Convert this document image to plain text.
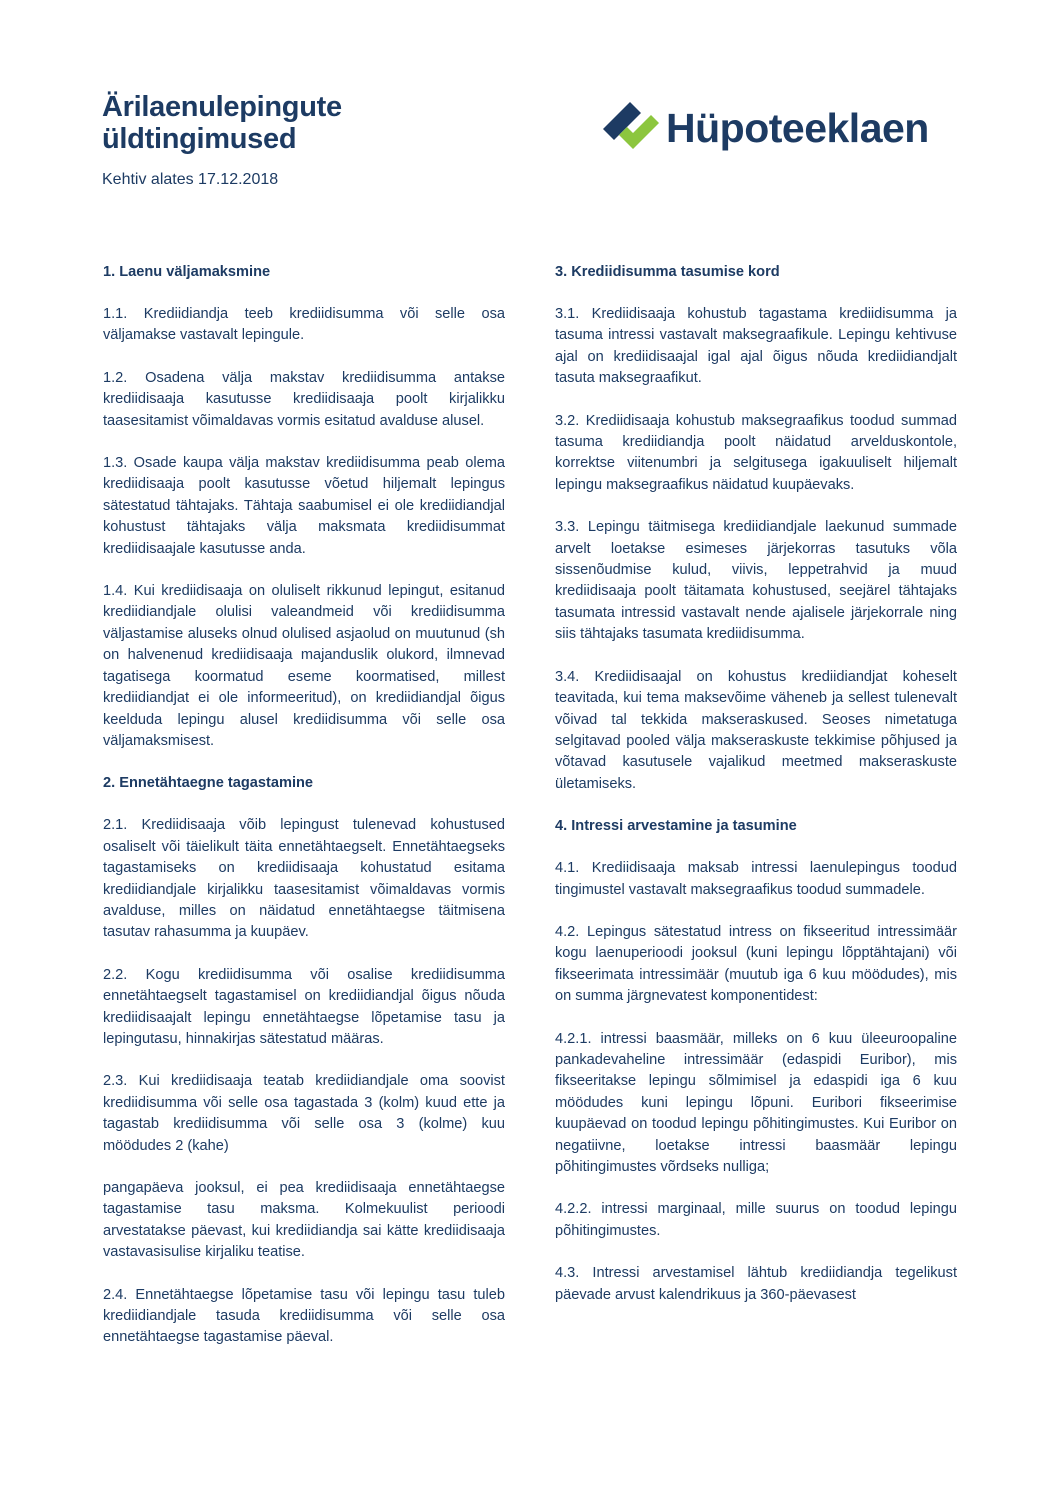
Ärilaenulepingute
üldtingimused

Kehtiv alates 17.12.2018

Hüpoteeklaen
1. Laenu väljamaksmine

1.1. Krediidiandja teeb krediidisumma või selle osa väljamakse vastavalt lepingule.

1.2. Osadena välja makstav krediidisumma antakse krediidisaaja kasutusse krediidisaaja poolt kirjalikku taasesitamist võimaldavas vormis esitatud avalduse alusel.

1.3. Osade kaupa välja makstav krediidisumma peab olema krediidisaaja poolt kasutusse võetud hiljemalt lepingus sätestatud tähtajaks. Tähtaja saabumisel ei ole krediidiandjal kohustust tähtajaks välja maksmata krediidisummat krediidisaajale kasutusse anda.

1.4. Kui krediidisaaja on oluliselt rikkunud lepingut, esitanud krediidiandjale olulisi valeandmeid või krediidisumma väljastamise aluseks olnud olulised asjaolud on muutunud (sh on halvenenud krediidisaaja majanduslik olukord, ilmnevad tagatisega koormatud eseme koormatised, millest krediidiandjat ei ole informeeritud), on krediidiandjal õigus keelduda lepingu alusel krediidisumma või selle osa väljamaksmisest.

2. Ennetähtaegne tagastamine

2.1. Krediidisaaja võib lepingust tulenevad kohustused osaliselt või täielikult täita ennetähtaegselt. Ennetähtaegseks tagastamiseks on krediidisaaja kohustatud esitama krediidiandjale kirjalikku taasesitamist võimaldavas vormis avalduse, milles on näidatud ennetähtaegse täitmisena tasutav rahasumma ja kuupäev.

2.2. Kogu krediidisumma või osalise krediidisumma ennetähtaegselt tagastamisel on krediidiandjal õigus nõuda krediidisaajalt lepingu ennetähtaegse lõpetamise tasu ja lepingutasu, hinnakirjas sätestatud määras.

2.3. Kui krediidisaaja teatab krediidiandjale oma soovist krediidisumma või selle osa tagastada 3 (kolm) kuud ette ja tagastab krediidisumma või selle osa 3 (kolme) kuu möödudes 2 (kahe)

pangapäeva jooksul, ei pea krediidisaaja ennetähtaegse tagastamise tasu maksma. Kolmekuulist perioodi arvestatakse päevast, kui krediidiandja sai kätte krediidisaaja vastavasisulise kirjaliku teatise.

2.4. Ennetähtaegse lõpetamise tasu või lepingu tasu tuleb krediidiandjale tasuda krediidisumma või selle osa ennetähtaegse tagastamise päeval.

3. Krediidisumma tasumise kord

3.1. Krediidisaaja kohustub tagastama krediidisumma ja tasuma intressi vastavalt maksegraafikule. Lepingu kehtivuse ajal on krediidisaajal igal ajal õigus nõuda krediidiandjalt tasuta maksegraafikut.

3.2. Krediidisaaja kohustub maksegraafikus toodud summad tasuma krediidiandja poolt näidatud arvelduskontole, korrektse viitenumbri ja selgitusega igakuuliselt hiljemalt lepingu maksegraafikus näidatud kuupäevaks.

3.3. Lepingu täitmisega krediidiandjale laekunud summade arvelt loetakse esimeses järjekorras tasutuks võla sissenõudmise kulud, viivis, leppetrahvid ja muud krediidisaaja poolt täitamata kohustused, seejärel tähtajaks tasumata intressid vastavalt nende ajalisele järjekorrale ning siis tähtajaks tasumata krediidisumma.

3.4. Krediidisaajal on kohustus krediidiandjat koheselt teavitada, kui tema maksevõime väheneb ja sellest tulenevalt võivad tal tekkida makseraskused. Seoses nimetatuga selgitavad pooled välja makseraskuste tekkimise põhjused ja võtavad kasutusele vajalikud meetmed makseraskuste ületamiseks.

4. Intressi arvestamine ja tasumine

4.1. Krediidisaaja maksab intressi laenulepingus toodud tingimustel vastavalt maksegraafikus toodud summadele.

4.2. Lepingus sätestatud intress on fikseeritud intressimäär kogu laenuperioodi jooksul (kuni lepingu lõpptähtajani) või fikseerimata intressimäär (muutub iga 6 kuu möödudes), mis on summa järgnevatest komponentidest:

4.2.1. intressi baasmäär, milleks on 6 kuu üleeuroopaline pankadevaheline intressimäär (edaspidi Euribor), mis fikseeritakse lepingu sõlmimisel ja edaspidi iga 6 kuu möödudes kuni lepingu lõpuni. Euribori fikseerimise kuupäevad on toodud lepingu põhitingimustes. Kui Euribor on negatiivne, loetakse intressi baasmäär lepingu põhitingimustes võrdseks nulliga;

4.2.2. intressi marginaal, mille suurus on toodud lepingu põhitingimustes.

4.3. Intressi arvestamisel lähtub krediidiandja tegelikust päevade arvust kalendrikuus ja 360-päevasest
